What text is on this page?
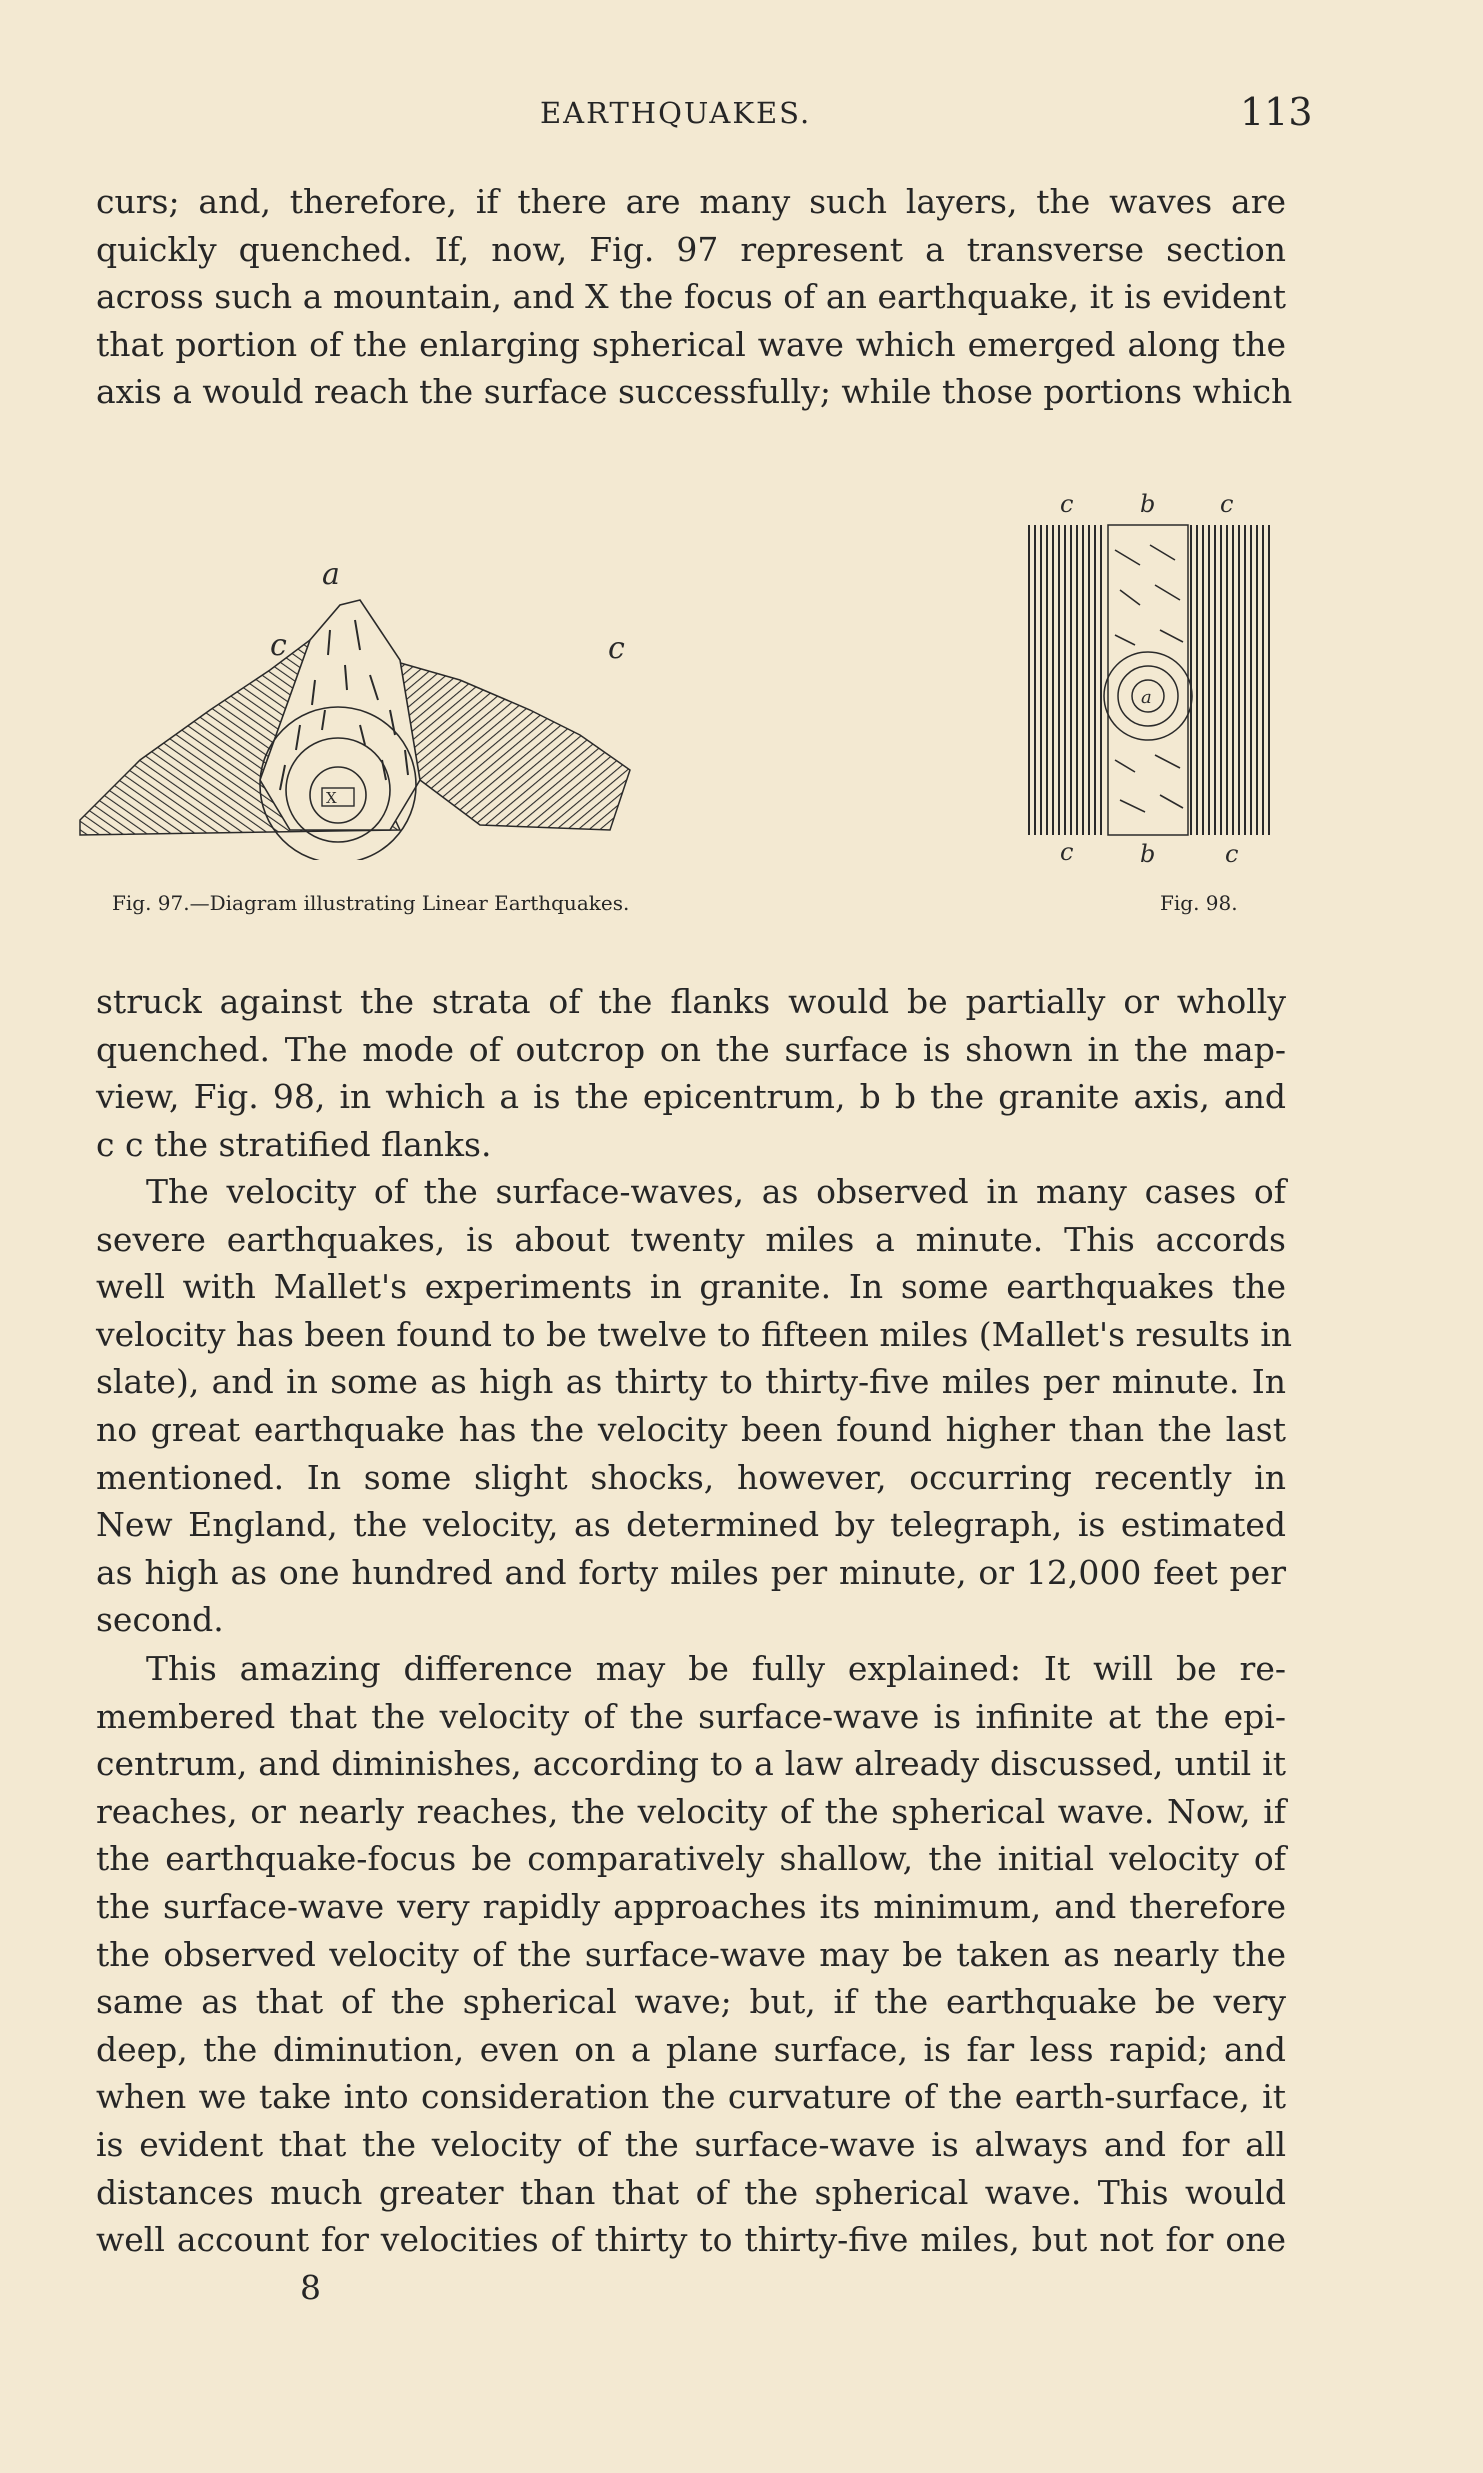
EARTHQUAKES.	113
curs; and, therefore, if there are many such layers, the waves are
quickly quenched. If, now, Fig. 97 represent a transverse section
across such a mountain, and X the focus of an earthquake, it is evident
that portion of the enlarging spherical wave which emerged along the
axis a would reach the surface successfully; while those portions which
X
a
c	c
a
c	b	c
c	b	c
Fig. 97.—Diagram illustrating Linear Earthquakes.	Fig. 98.
struck against the strata of the flanks would be partially or wholly
quenched. The mode of outcrop on the surface is shown in the map-
view, Fig. 98, in which a is the epicentrum, b b the granite axis, and
c c the stratified flanks.
The velocity of the surface-waves, as observed in many cases of
severe earthquakes, is about twenty miles a minute. This accords
well with Mallet's experiments in granite. In some earthquakes the
velocity has been found to be twelve to fifteen miles (Mallet's results in
slate), and in some as high as thirty to thirty-five miles per minute. In
no great earthquake has the velocity been found higher than the last
mentioned. In some slight shocks, however, occurring recently in
New England, the velocity, as determined by telegraph, is estimated
as high as one hundred and forty miles per minute, or 12,000 feet per
second.
This amazing difference may be fully explained: It will be re-
membered that the velocity of the surface-wave is infinite at the epi-
centrum, and diminishes, according to a law already discussed, until it
reaches, or nearly reaches, the velocity of the spherical wave. Now, if
the earthquake-focus be comparatively shallow, the initial velocity of
the surface-wave very rapidly approaches its minimum, and therefore
the observed velocity of the surface-wave may be taken as nearly the
same as that of the spherical wave; but, if the earthquake be very
deep, the diminution, even on a plane surface, is far less rapid; and
when we take into consideration the curvature of the earth-surface, it
is evident that the velocity of the surface-wave is always and for all
distances much greater than that of the spherical wave. This would
well account for velocities of thirty to thirty-five miles, but not for one
8
